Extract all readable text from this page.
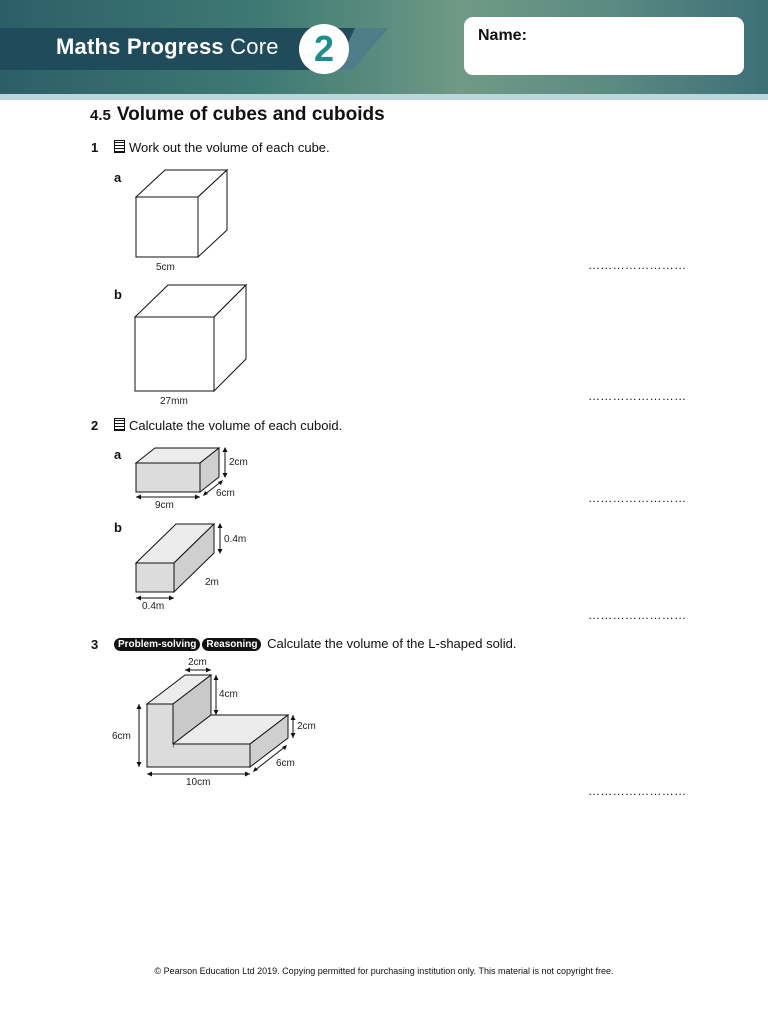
Maths Progress Core 2	Name:
4.5 Volume of cubes and cuboids
1	Work out the volume of each cube.
a
5cm	……………………
b
27mm	……………………
2	Calculate the volume of each cuboid.
a
2cm
6cm
9cm
……………………
b
0.4m
2m
0.4m
……………………
3	Problem-solving Reasoning Calculate the volume of the L-shaped solid.
2cm
4cm
6cm
2cm
6cm
10cm
……………………
© Pearson Education Ltd 2019. Copying permitted for purchasing institution only. This material is not copyright free.
